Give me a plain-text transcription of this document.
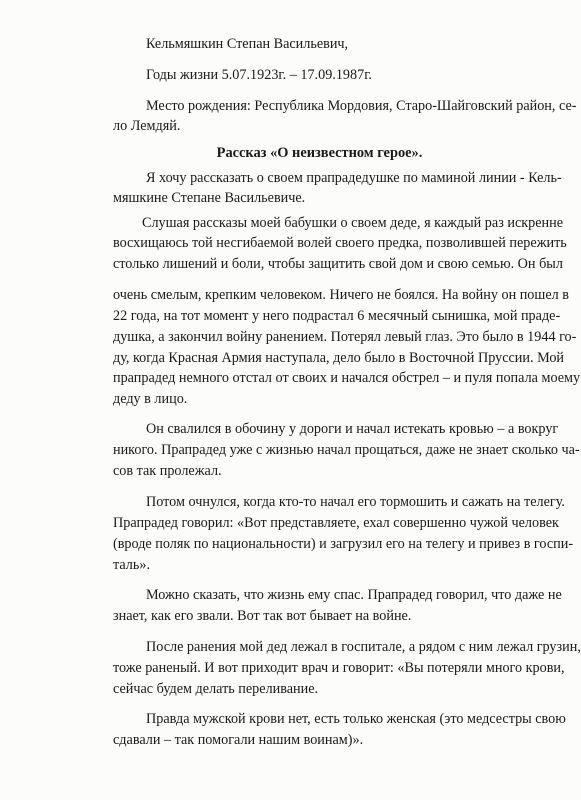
Кельмяшкин Степан Васильевич,
Годы жизни 5.07.1923г. – 17.09.1987г.
Место рождения: Республика Мордовия, Старо-Шайговский район, се-
ло Лемдяй.
Рассказ «О неизвестном герое».
Я хочу рассказать о своем прапрадедушке по маминой линии - Кель-
мяшкине Степане Васильевиче.
Слушая рассказы моей бабушки о своем деде, я каждый раз искренне
восхищаюсь той несгибаемой волей своего предка, позволившей пережить
столько лишений и боли, чтобы защитить свой дом и свою семью. Он был
очень смелым, крепким человеком. Ничего не боялся. На войну он пошел в
22 года, на тот момент у него подрастал 6 месячный сынишка, мой праде-
душка, а закончил войну ранением. Потерял левый глаз. Это было в 1944 го-
ду, когда Красная Армия наступала, дело было в Восточной Пруссии. Мой
прапрадед немного отстал от своих и начался обстрел – и пуля попала моему
деду в лицо.
Он свалился в обочину у дороги и начал истекать кровью – а вокруг
никого. Прапрадед уже с жизнью начал прощаться, даже не знает сколько ча-
сов так пролежал.
Потом очнулся, когда кто-то начал его тормошить и сажать на телегу.
Прапрадед говорил: «Вот представляете, ехал совершенно чужой человек
(вроде поляк по национальности) и загрузил его на телегу и привез в госпи-
таль».
Можно сказать, что жизнь ему спас. Прапрадед говорил, что даже не
знает, как его звали. Вот так вот бывает на войне.
После ранения мой дед лежал в госпитале, а рядом с ним лежал грузин,
тоже раненый. И вот приходит врач и говорит: «Вы потеряли много крови,
сейчас будем делать переливание.
Правда мужской крови нет, есть только женская (это медсестры свою
сдавали – так помогали нашим воинам)».
